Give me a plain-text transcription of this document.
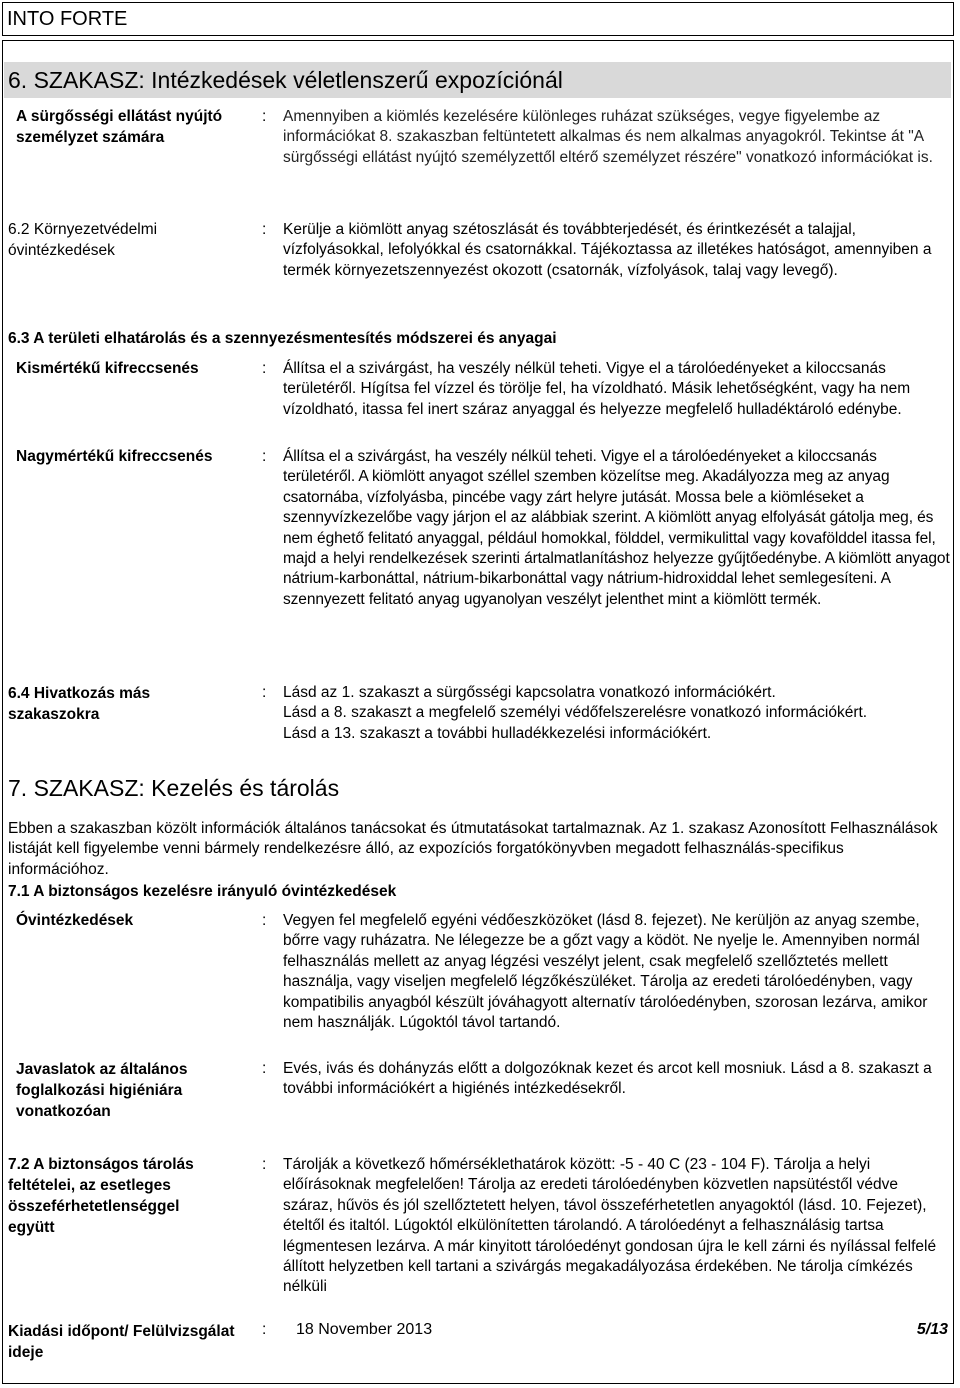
INTO FORTE
6. SZAKASZ: Intézkedések véletlenszerű expozíciónál
A sürgősségi ellátást nyújtó személyzet számára
: Amennyiben a kiömlés kezelésére különleges ruházat szükséges, vegye figyelembe az információkat 8. szakaszban feltüntetett alkalmas és nem alkalmas anyagokról. Tekintse át "A sürgősségi ellátást nyújtó személyzettől eltérő személyzet részére" vonatkozó információkat is.
6.2 Környezetvédelmi óvintézkedések
: Kerülje a kiömlött anyag szétoszlását és továbbterjedését, és érintkezését a talajjal, vízfolyásokkal, lefolyókkal és csatornákkal. Tájékoztassa az illetékes hatóságot, amennyiben a termék környezetszennyezést okozott (csatornák, vízfolyások, talaj vagy levegő).
6.3 A területi elhatárolás és a szennyezésmentesítés módszerei és anyagai
Kismértékű kifreccsenés	: Állítsa el a szivárgást, ha veszély nélkül teheti. Vigye el a tárolóedényeket a kiloccsanás területéről. Hígítsa fel vízzel és törölje fel, ha vízoldható. Másik lehetőségként, vagy ha nem vízoldható, itassa fel inert száraz anyaggal és helyezze megfelelő hulladéktároló edénybe.
Nagymértékű kifreccsenés	: Állítsa el a szivárgást, ha veszély nélkül teheti. Vigye el a tárolóedényeket a kiloccsanás területéről. A kiömlött anyagot széllel szemben közelítse meg. Akadályozza meg az anyag csatornába, vízfolyásba, pincébe vagy zárt helyre jutását. Mossa bele a kiömléseket a szennyvízkezelőbe vagy járjon el az alábbiak szerint. A kiömlött anyag elfolyását gátolja meg, és nem éghető felitató anyaggal, például homokkal, földdel, vermikulittal vagy kovafölddel itassa fel, majd a helyi rendelkezések szerinti ártalmatlanításhoz helyezze gyűjtőedénybe. A kiömlött anyagot nátrium-karbonáttal, nátrium-bikarbonáttal vagy nátrium-hidroxiddal lehet semlegesíteni. A szennyezett felitató anyag ugyanolyan veszélyt jelenthet mint a kiömlött termék.
6.4 Hivatkozás más szakaszokra
: Lásd az 1. szakaszt a sürgősségi kapcsolatra vonatkozó információkért.
Lásd a 8. szakaszt a megfelelő személyi védőfelszerelésre vonatkozó információkért.
Lásd a 13. szakaszt a további hulladékkezelési információkért.
7. SZAKASZ: Kezelés és tárolás
Ebben a szakaszban közölt információk általános tanácsokat és útmutatásokat tartalmaznak. Az 1. szakasz Azonosított Felhasználások listáját kell figyelembe venni bármely rendelkezésre álló, az expozíciós forgatókönyvben megadott felhasználás-specifikus információhoz.
7.1 A biztonságos kezelésre irányuló óvintézkedések
Óvintézkedések	: Vegyen fel megfelelő egyéni védőeszközöket (lásd 8. fejezet). Ne kerüljön az anyag szembe, bőrre vagy ruházatra. Ne lélegezze be a gőzt vagy a ködöt. Ne nyelje le. Amennyiben normál felhasználás mellett az anyag légzési veszélyt jelent, csak megfelelő szellőztetés mellett használja, vagy viseljen megfelelő légzőkészüléket. Tárolja az eredeti tárolóedényben, vagy kompatibilis anyagból készült jóváhagyott alternatív tárolóedényben, szorosan lezárva, amikor nem használják. Lúgoktól távol tartandó.
Javaslatok az általános foglalkozási higiéniára vonatkozóan
: Evés, ivás és dohányzás előtt a dolgozóknak kezet és arcot kell mosniuk. Lásd a 8. szakaszt a további információkért a higiénés intézkedésekről.
7.2 A biztonságos tárolás feltételei, az esetleges összeférhetetlenséggel együtt
: Tárolják a következő hőmérséklethatárok között: -5 - 40 C (23 - 104 F). Tárolja a helyi előírásoknak megfelelően! Tárolja az eredeti tárolóedényben közvetlen napsütéstől védve száraz, hűvös és jól szellőztetett helyen, távol összeférhetetlen anyagoktól (lásd. 10. Fejezet), ételtől és italtól. Lúgoktól elkülönítetten tárolandó. A tárolóedényt a felhasználásig tartsa légmentesen lezárva. A már kinyitott tárolóedényt gondosan újra le kell zárni és nyílással felfelé állított helyzetben kell tartani a szivárgás megakadályozása érdekében. Ne tárolja címkézés nélküli
Kiadási időpont/ Felülvizsgálat ideje
: 18 November 2013	5/13
